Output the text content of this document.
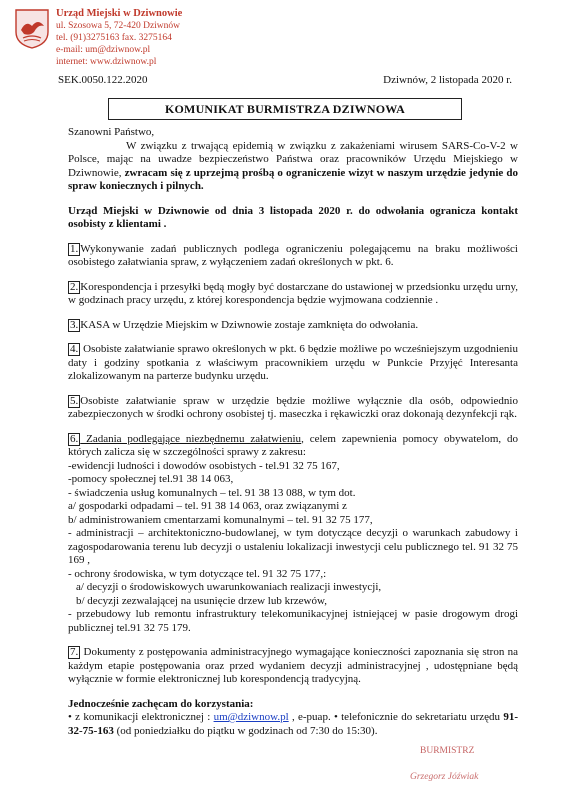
Urząd Miejski w Dziwnowie
ul. Szosowa 5, 72-420 Dziwnów
tel. (91)3275163 fax. 3275164
e-mail: um@dziwnow.pl
internet: www.dziwnow.pl
SEK.0050.122.2020	Dziwnów, 2 listopada 2020 r.
KOMUNIKAT BURMISTRZA DZIWNOWA

Szanowni Państwo,

W związku z trwającą epidemią w związku z zakażeniami wirusem SARS-Co-V-2 w Polsce, mając na uwadze bezpieczeństwo Państwa oraz pracowników Urzędu Miejskiego w Dziwnowie, zwracam się z uprzejmą prośbą o ograniczenie wizyt w naszym urzędzie jedynie do spraw koniecznych i pilnych.

Urząd Miejski w Dziwnowie od dnia 3 listopada 2020 r. do odwołania ogranicza kontakt osobisty z klientami .

1. Wykonywanie zadań publicznych podlega ograniczeniu polegającemu na braku możliwości osobistego załatwiania spraw, z wyłączeniem zadań określonych w pkt. 6.

2. Korespondencja i przesyłki będą mogły być dostarczane do ustawionej w przedsionku urzędu urny, w godzinach pracy urzędu, z której korespondencja będzie wyjmowana codziennie .

3. KASA w Urzędzie Miejskim w Dziwnowie zostaje zamknięta do odwołania.

4. Osobiste załatwianie sprawo określonych w pkt. 6 będzie możliwe po wcześniejszym uzgodnieniu daty i godziny spotkania z właściwym pracownikiem urzędu w Punkcie Przyjęć Interesanta zlokalizowanym na parterze budynku urzędu.

5. Osobiste załatwianie spraw w urzędzie będzie możliwe wyłącznie dla osób, odpowiednio zabezpieczonych w środki ochrony osobistej tj. maseczka i rękawiczki oraz dokonają dezynfekcji rąk.

6. Zadania podlegające niezbędnemu załatwieniu, celem zapewnienia pomocy obywatelom, do których zalicza się w szczególności sprawy z zakresu:

-ewidencji ludności i dowodów osobistych - tel.91 32 75 167,

-pomocy społecznej tel.91 38 14 063,

- świadczenia usług komunalnych – tel. 91 38 13 088, w tym dot.

a/ gospodarki odpadami – tel. 91 38 14 063, oraz związanymi z

b/ administrowaniem cmentarzami komunalnymi – tel. 91 32 75 177,

- administracji – architektoniczno-budowlanej, w tym dotyczące decyzji o warunkach zabudowy i zagospodarowania terenu lub decyzji o ustaleniu lokalizacji inwestycji celu publicznego tel. 91 32 75 169 ,

- ochrony środowiska, w tym dotyczące tel. 91 32 75 177,:

a/ decyzji o środowiskowych uwarunkowaniach realizacji inwestycji,

b/ decyzji zezwalającej na usunięcie drzew lub krzewów,

- przebudowy lub remontu infrastruktury telekomunikacyjnej istniejącej w pasie drogowym drogi publicznej tel.91 32 75 179.

7. Dokumenty z postępowania administracyjnego wymagające konieczności zapoznania się stron na każdym etapie postępowania oraz przed wydaniem decyzji administracyjnej , udostępniane będą wyłącznie w formie elektronicznej lub korespondencją tradycyjną.

Jednocześnie zachęcam do korzystania:

• z komunikacji elektronicznej : um@dziwnow.pl , e-puap. • telefonicznie do sekretariatu urzędu 91-32-75-163 (od poniedziałku do piątku w godzinach od 7:30 do 15:30).

BURMISTRZ
Grzegorz Jóźwiak
